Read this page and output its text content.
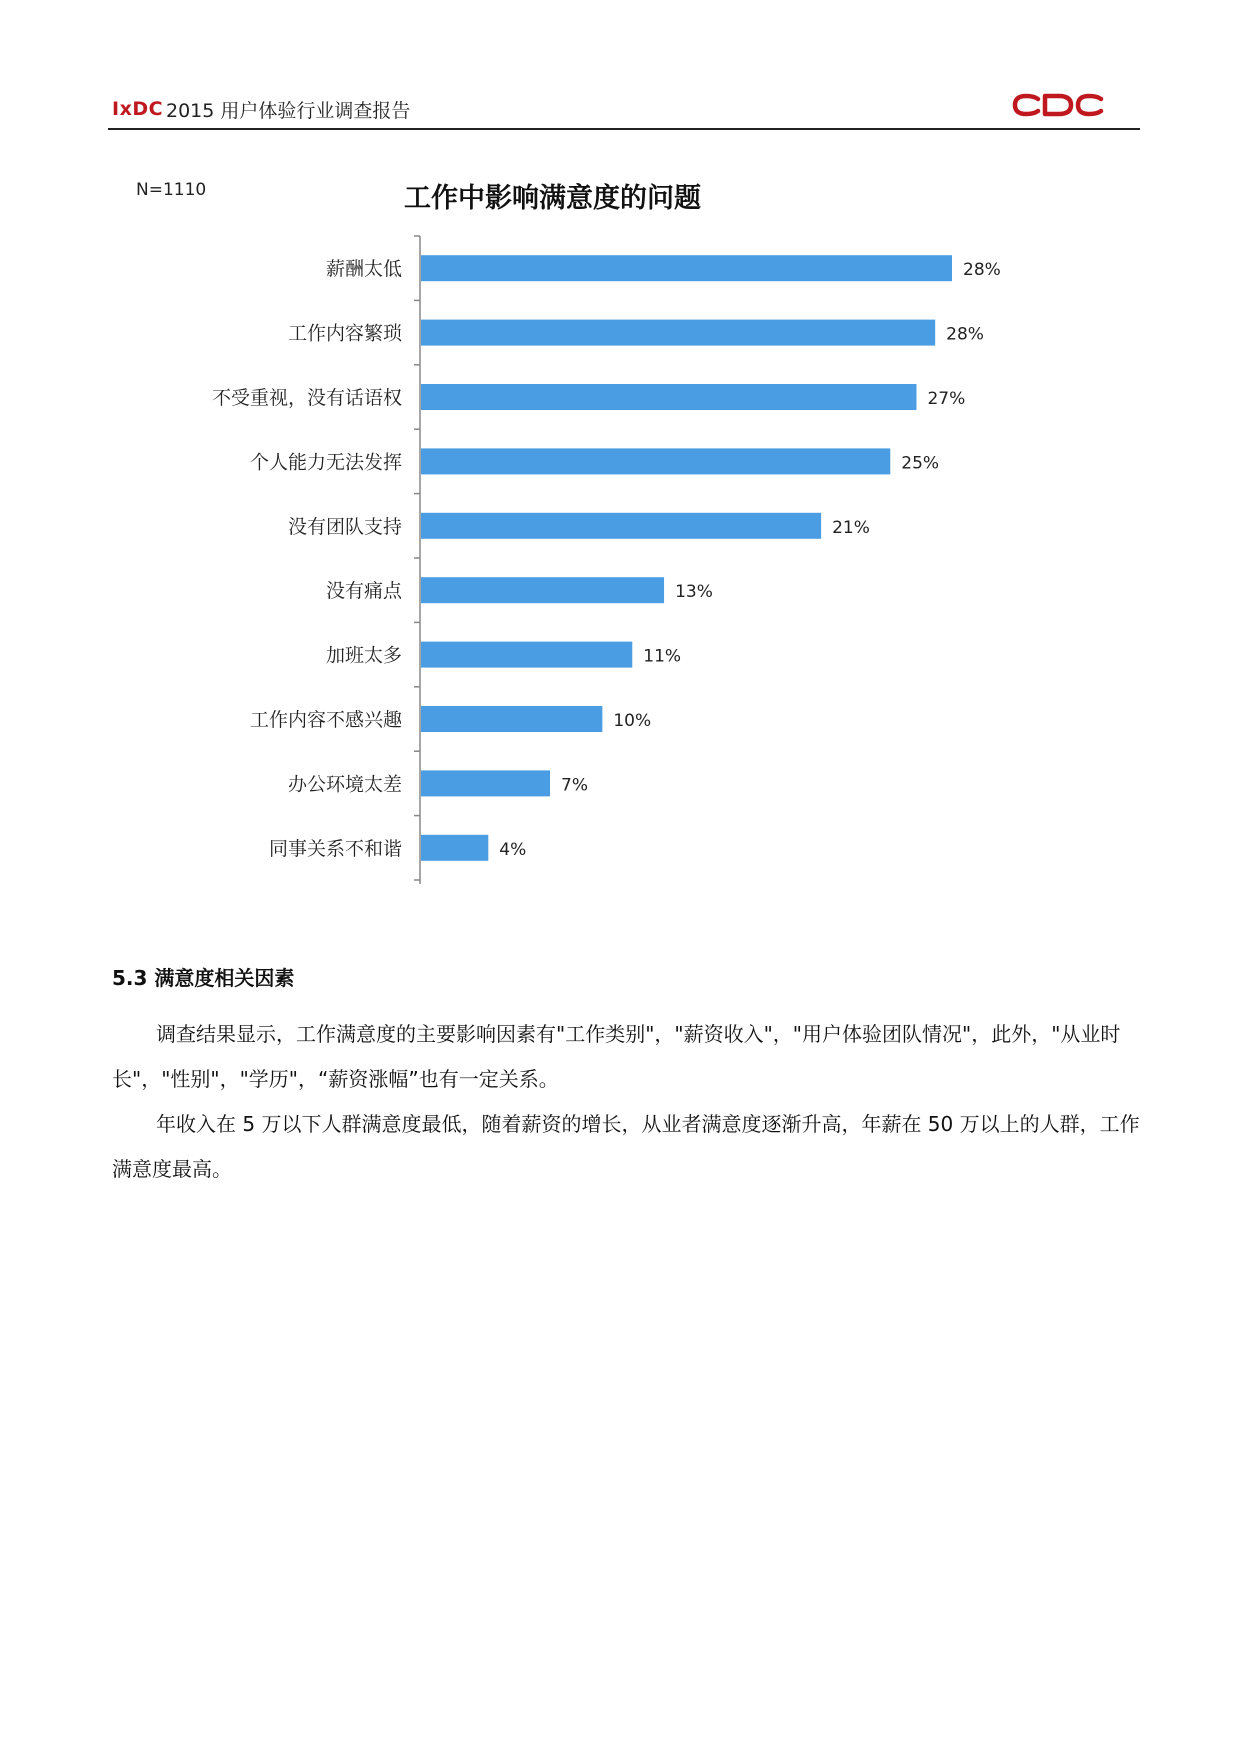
IxDC 2015 用户体验行业调查报告
N=1110	工作中影响满意度的问题
薪酬太低	28%
工作内容繁琐	28%
不受重视，没有话语权	27%
个人能力无法发挥	25%
没有团队支持	21%
没有痛点	13%
加班太多	11%
工作内容不感兴趣	10%
办公环境太差	7%
同事关系不和谐	4%
5.3 满意度相关因素

调查结果显示，工作满意度的主要影响因素有"工作类别"，"薪资收入"，"用户体验团队情况"，此外，"从业时长"，"性别"，"学历"，“薪资涨幅”也有一定关系。

年收入在 5 万以下人群满意度最低，随着薪资的增长，从业者满意度逐渐升高，年薪在 50 万以上的人群，工作满意度最高。
